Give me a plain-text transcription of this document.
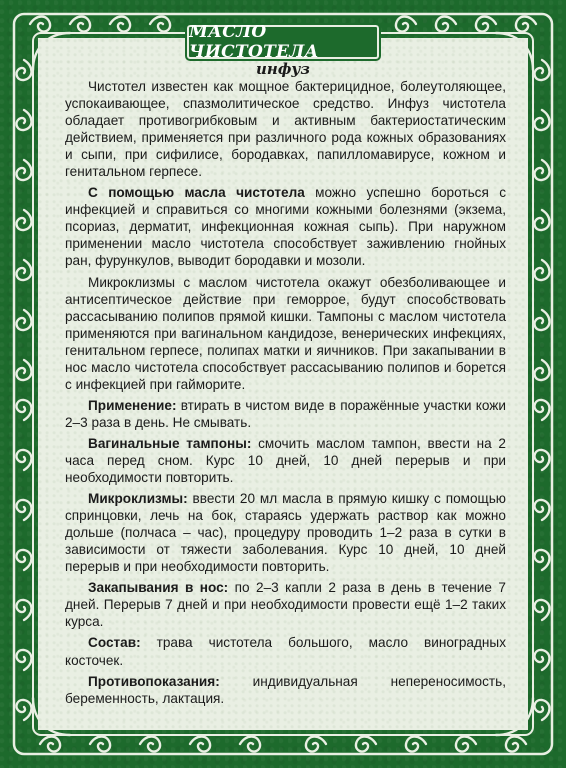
МАСЛО ЧИСТОТЕЛА
инфуз

Чистотел известен как мощное бактерицидное, болеутоляющее, успокаивающее, спазмолитическое средство. Инфуз чистотела обладает противогрибковым и активным бактериостатическим действием, применяется при различного рода кожных образованиях и сыпи, при сифилисе, бородавках, папилломавирусе, кожном и генитальном герпесе.

С помощью масла чистотела можно успешно бороться с инфекцией и справиться со многими кожными болезнями (экзема, псориаз, дерматит, инфекционная кожная сыпь). При наружном применении масло чистотела способствует заживлению гнойных ран, фурункулов, выводит бородавки и мозоли.

Микроклизмы с маслом чистотела окажут обезболивающее и антисептическое действие при геморрое, будут способствовать рассасыванию полипов прямой кишки. Тампоны с маслом чистотела применяются при вагинальном кандидозе, венерических инфекциях, генитальном герпесе, полипах матки и яичников. При закапывании в нос масло чистотела способствует рассасыванию полипов и борется с инфекцией при гайморите.

Применение: втирать в чистом виде в поражённые участки кожи 2–3 раза в день. Не смывать.

Вагинальные тампоны: смочить маслом тампон, ввести на 2 часа перед сном. Курс 10 дней, 10 дней перерыв и при необходимости повторить.

Микроклизмы: ввести 20 мл масла в прямую кишку с помощью спринцовки, лечь на бок, стараясь удержать раствор как можно дольше (полчаса – час), процедуру проводить 1–2 раза в сутки в зависимости от тяжести заболевания. Курс 10 дней, 10 дней перерыв и при необходимости повторить.

Закапывания в нос: по 2–3 капли 2 раза в день в течение 7 дней. Перерыв 7 дней и при необходимости провести ещё 1–2 таких курса.

Состав: трава чистотела большого, масло виноградных косточек.

Противопоказания: индивидуальная непереносимость, беременность, лактация.
